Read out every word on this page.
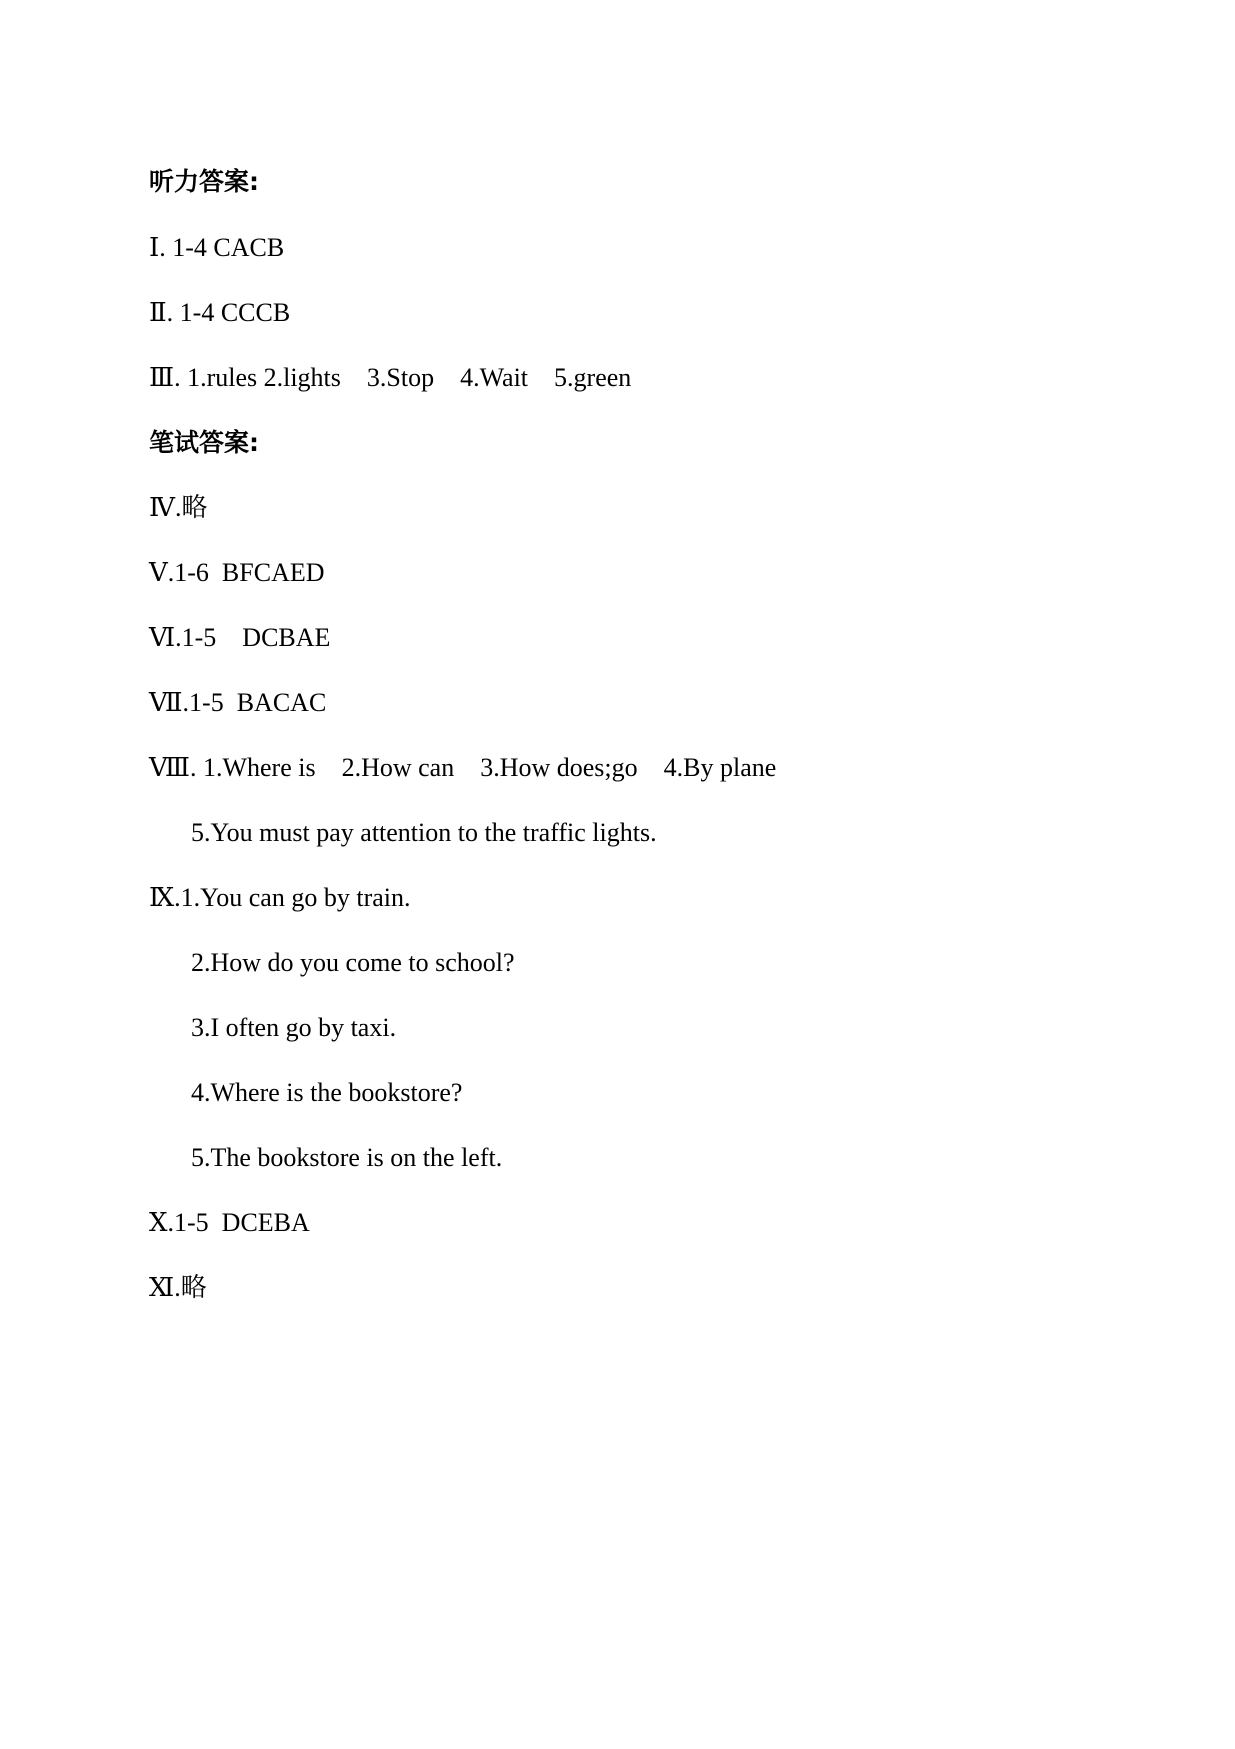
听力答案:
Ⅰ. 1-4 CACB
Ⅱ. 1-4 CCCB
Ⅲ. 1.rules 2.lights    3.Stop    4.Wait    5.green
笔试答案:
Ⅳ.略
Ⅴ.1-6  BFCAED
Ⅵ.1-5    DCBAE
Ⅶ.1-5  BACAC
Ⅷ. 1.Where is    2.How can    3.How does;go    4.By plane
5.You must pay attention to the traffic lights.
Ⅸ.1.You can go by train.
2.How do you come to school?
3.I often go by taxi.
4.Where is the bookstore?
5.The bookstore is on the left.
Ⅹ.1-5  DCEBA
Ⅺ.略
